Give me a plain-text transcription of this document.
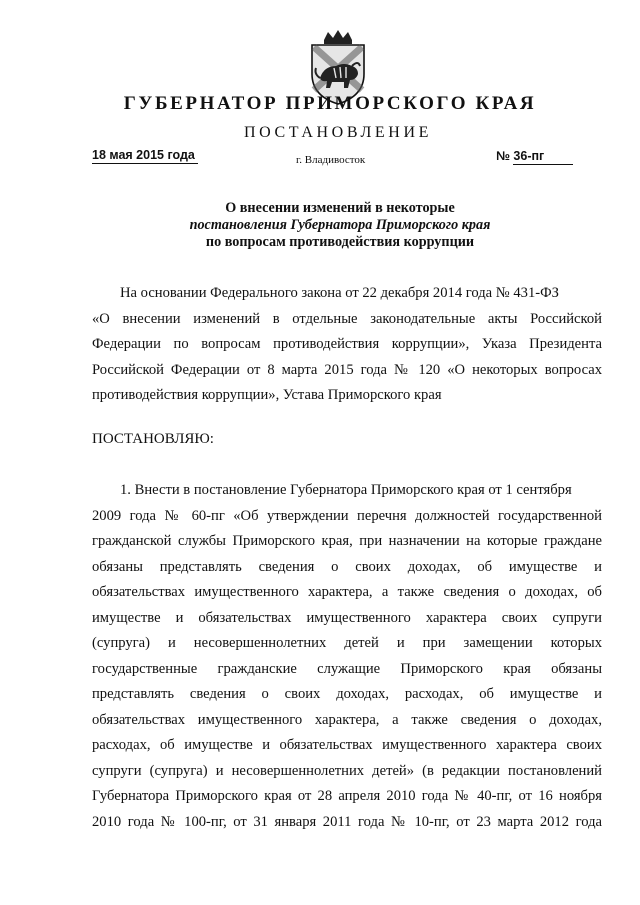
ГУБЕРНАТОР ПРИМОРСКОГО КРАЯ
ПОСТАНОВЛЕНИЕ
18 мая 2015 года	г. Владивосток	№ 36-пг
О внесении изменений в некоторые
постановления Губернатора Приморского края
по вопросам противодействия коррупции
На основании Федерального закона от 22 декабря 2014 года № 431-ФЗ
«О внесении изменений в отдельные законодательные акты Российской
Федерации по вопросам противодействия коррупции», Указа Президента
Российской Федерации от 8 марта 2015 года № 120 «О некоторых вопросах
противодействия коррупции», Устава Приморского края
ПОСТАНОВЛЯЮ:
1. Внести в постановление Губернатора Приморского края от 1 сентября
2009 года № 60-пг «Об утверждении перечня должностей государственной
гражданской службы Приморского края, при назначении на которые граждане
обязаны представлять сведения о своих доходах, об имуществе и
обязательствах имущественного характера, а также сведения о доходах, об
имуществе и обязательствах имущественного характера своих супруги
(супруга) и несовершеннолетних детей и при замещении которых
государственные гражданские служащие Приморского края обязаны
представлять сведения о своих доходах, расходах, об имуществе и
обязательствах имущественного характера, а также сведения о доходах,
расходах, об имуществе и обязательствах имущественного характера своих
супруги (супруга) и несовершеннолетних детей» (в редакции постановлений
Губернатора Приморского края от 28 апреля 2010 года № 40-пг, от 16 ноября
2010 года № 100-пг, от 31 января 2011 года № 10-пг, от 23 марта 2012 года
